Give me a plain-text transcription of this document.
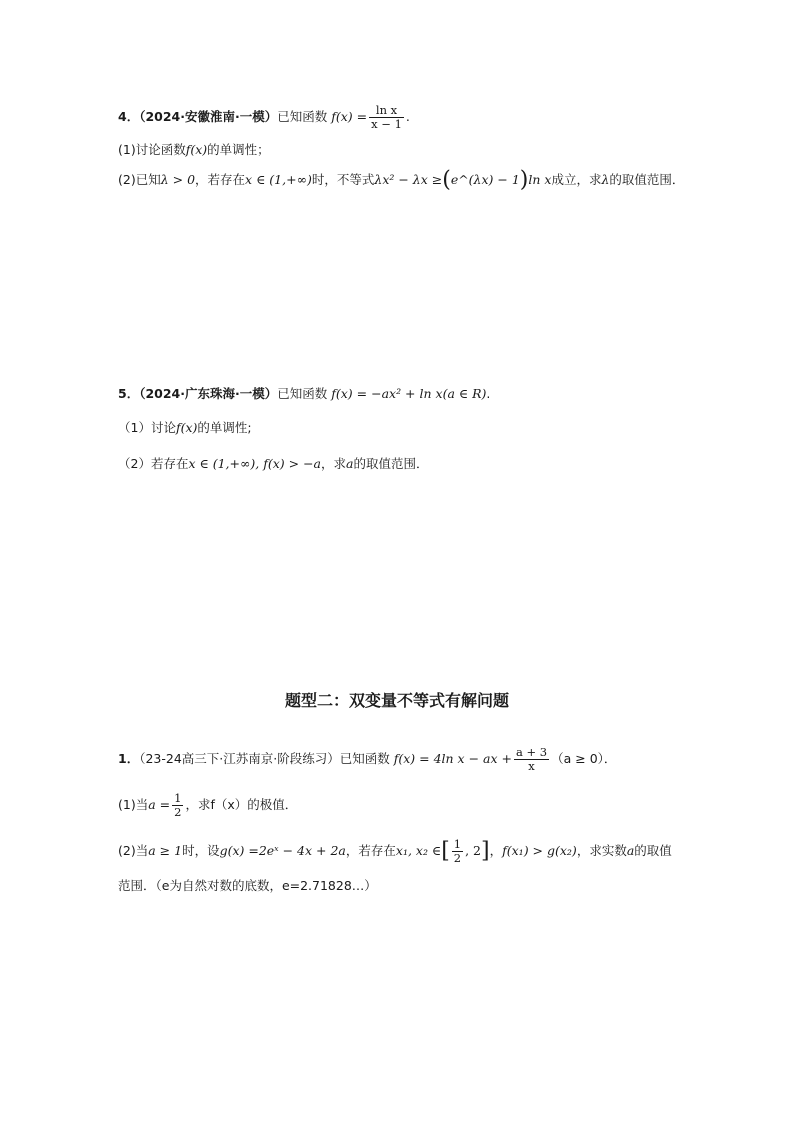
4．（2024·安徽淮南·一模）已知函数 $f(x) = \frac{\text{ln x}}{x - 1}$ .
(1)讨论函数f(x)的单调性；
(2)已知λ > 0，若存在x ∈ (1,+∞)时，不等式λx² − λx ≥(e^(λx) − 1)ln x成立，求λ的取值范围．
5．（2024·广东珠海·一模）已知函数 f(x) = −ax² + ln x(a ∈ R).
（1）讨论f(x)的单调性;
（2）若存在x ∈ (1,+∞), f(x) > −a，求a的取值范围．
题型二：双变量不等式有解问题
1．（23-24高三下·江苏南京·阶段练习）已知函数 f(x) = 4ln x − ax + $\frac{a + 3}{x} (a \ge 0)$．
(1)当$a = \frac{1}{2}$ ，求f（x）的极值．
(2)当a ≥ 1时，设g(x) =2eˣ − 4x + 2a，若存在x₁, x₂ ∈[ $\frac{1}{2}$ , 2]，f(x₁) > g(x₂)，求实数a的取值
范围．（e为自然对数的底数，e=2.71828…）
